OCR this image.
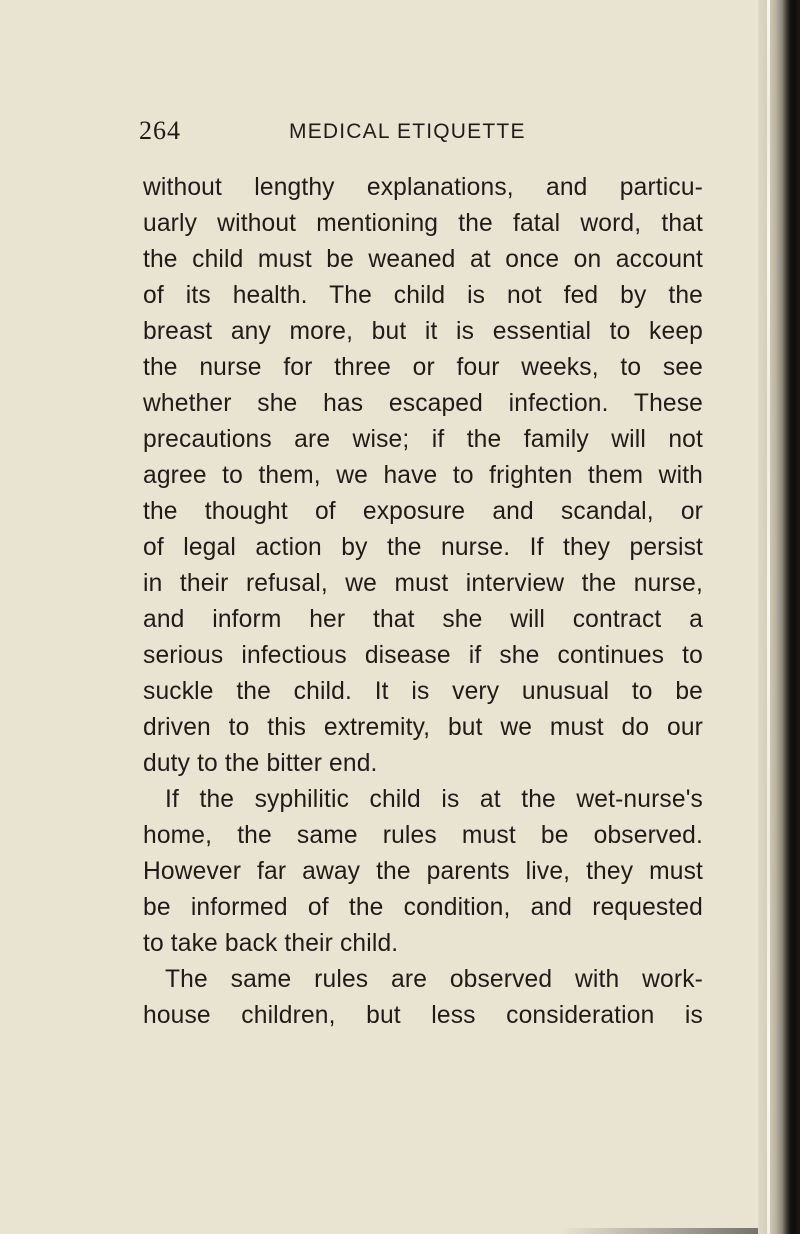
264	MEDICAL ETIQUETTE
without lengthy explanations, and particu-
uarly without mentioning the fatal word, that
the child must be weaned at once on account
of its health. The child is not fed by the
breast any more, but it is essential to keep
the nurse for three or four weeks, to see
whether she has escaped infection. These
precautions are wise; if the family will not
agree to them, we have to frighten them with
the thought of exposure and scandal, or
of legal action by the nurse. If they persist
in their refusal, we must interview the nurse,
and inform her that she will contract a
serious infectious disease if she continues to
suckle the child. It is very unusual to be
driven to this extremity, but we must do our
duty to the bitter end.
If the syphilitic child is at the wet-nurse's
home, the same rules must be observed.
However far away the parents live, they must
be informed of the condition, and requested
to take back their child.
The same rules are observed with work-
house children, but less consideration is
